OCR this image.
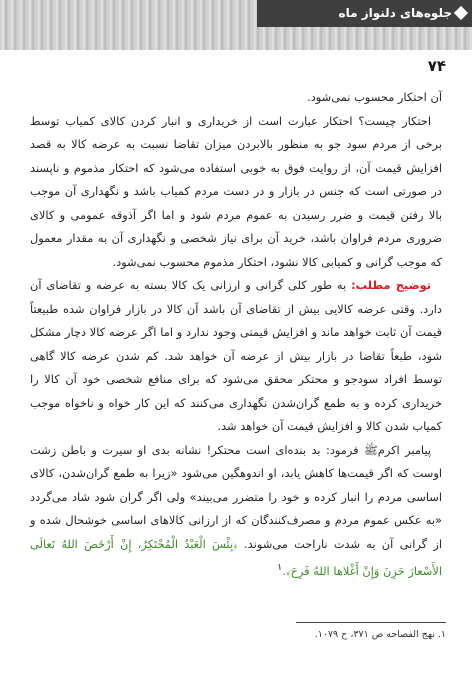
جلوه‌های دلنواز ماه
۷۴

آن احتکار محسوب نمی‌شود.

احتکار چیست؟ احتکار عبارت است از خریداری و انبار کردن کالای کمیاب توسط برخی از مردم سود جو به منظور بالابردن میزان تقاضا نسبت به عرضه کالا به قصد افزایش قیمت آن، از روایت فوق به خوبی استفاده می‌شود که احتکار مذموم و ناپسند در صورتی است که جنس در بازار و در دست مردم کمیاب باشد و نگهداری آن موجب بالا رفتن قیمت و ضرر رسیدن به عموم مردم شود و اما اگر آذوقه عمومی و کالای ضروری مردم فراوان باشد، خرید آن برای نیاز شخصی و نگهداری آن به مقدار معمول که موجب گرانی و کمیابی کالا نشود، احتکار مذموم محسوب نمی‌شود.

توضیح مطلب: به طور کلی گرانی و ارزانی یک کالا بسته به عرضه و تقاضای آن دارد. وقتی عرضه کالایی بیش از تقاضای آن باشد آن کالا در بازار فراوان شده طبیعتاً قیمت آن ثابت خواهد ماند و افزایش قیمتی وجود ندارد و اما اگر عرضه کالا دچار مشکل شود، طبعاً تقاضا در بازار بیش از عرضه آن خواهد شد. کم شدن عرضه کالا گاهی توسط افراد سودجو و محتکر محقق می‌شود که برای منافع شخصی خود آن کالا را خریداری کرده و به طمع گران‌شدن نگهداری می‌کنند که این کار خواه و ناخواه موجب کمیاب شدن کالا و افزایش قیمت آن خواهد شد.

پیامبر اکرم‌ﷺ فرمود: بد بنده‌ای است محتکر! نشانه بدی او سیرت و باطن زشت اوست که اگر قیمت‌ها کاهش یابد، او اندوهگین می‌شود «زیرا به طمع گران‌شدن، کالای اساسی مردم را انبار کرده و خود را متضرر می‌بیند» ولی اگر گران شود شاد می‌گردد «به عکس عموم مردم و مصرف‌کنندگان که از ارزانی کالاهای اساسی خوشحال شده و از گرانی آن به شدت ناراحت می‌شوند. ﴿بِئْسَ الْعَبْدُ الْمُحْتَكِرُ، إِنْ أَرْخَصَ اللهُ تَعالَى الأَسْعارَ حَزِنَ وَإِنْ أَغْلاها اللهُ فَرِحَ﴾.$^۱$

۱. نهج الفصاحه ص ۳۷۱، ح ۱۰۷۹.
